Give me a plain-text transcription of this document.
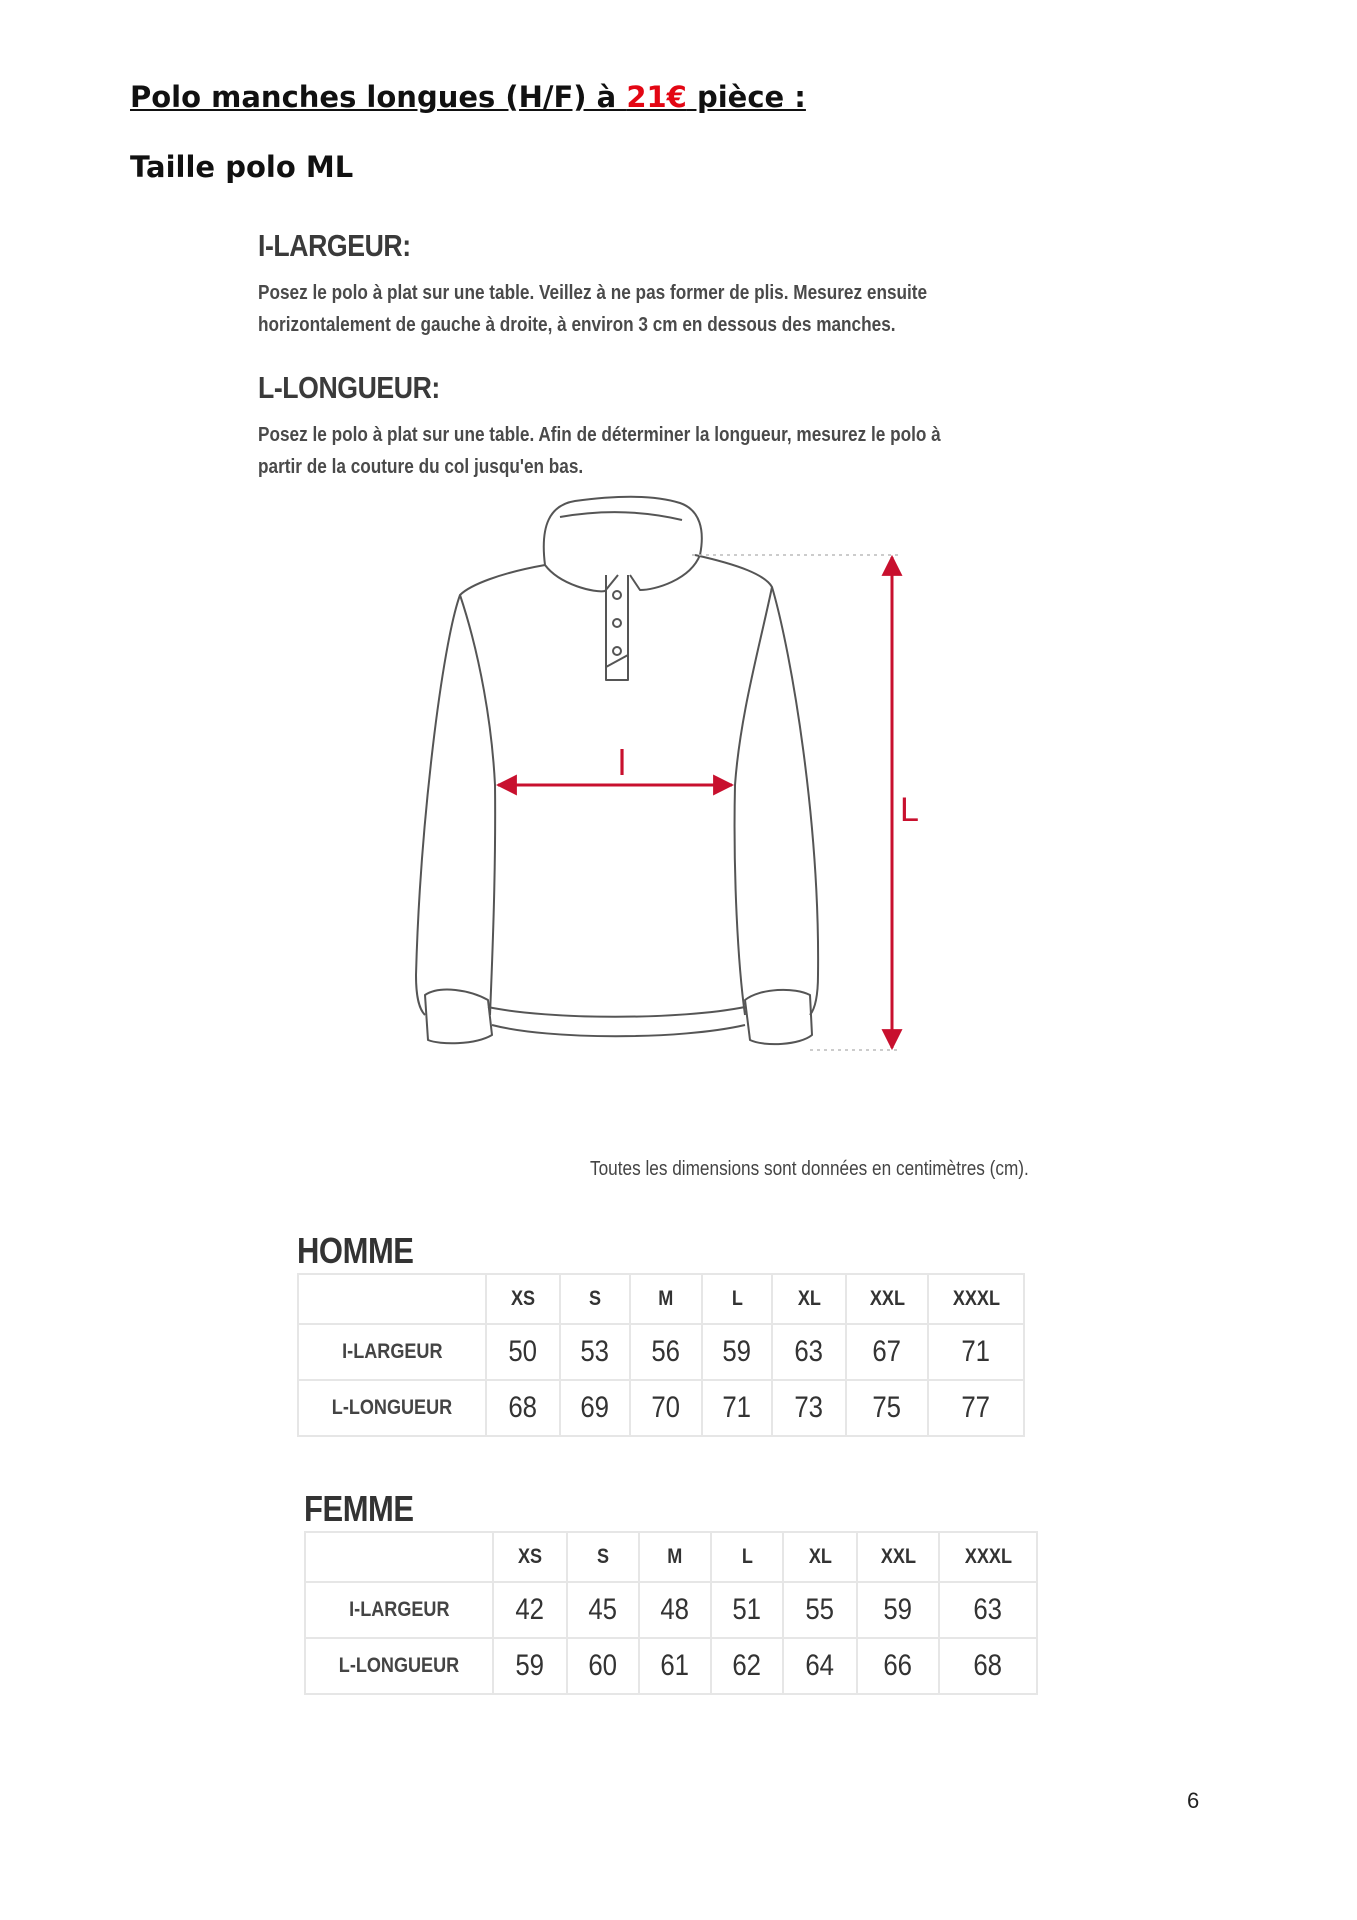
Polo manches longues (H/F) à 21€ pièce :
Taille polo ML
I-LARGEUR:
Posez le polo à plat sur une table. Veillez à ne pas former de plis. Mesurez ensuite horizontalement de gauche à droite, à environ 3 cm en dessous des manches.
L-LONGUEUR:
Posez le polo à plat sur une table. Afin de déterminer la longueur, mesurez le polo à partir de la couture du col jusqu'en bas.
l
L
Toutes les dimensions sont données en centimètres (cm).
HOMME
	XS	S	M	L	XL	XXL	XXXL
I-LARGEUR	50	53	56	59	63	67	71
L-LONGUEUR	68	69	70	71	73	75	77
FEMME
	XS	S	M	L	XL	XXL	XXXL
I-LARGEUR	42	45	48	51	55	59	63
L-LONGUEUR	59	60	61	62	64	66	68
6
